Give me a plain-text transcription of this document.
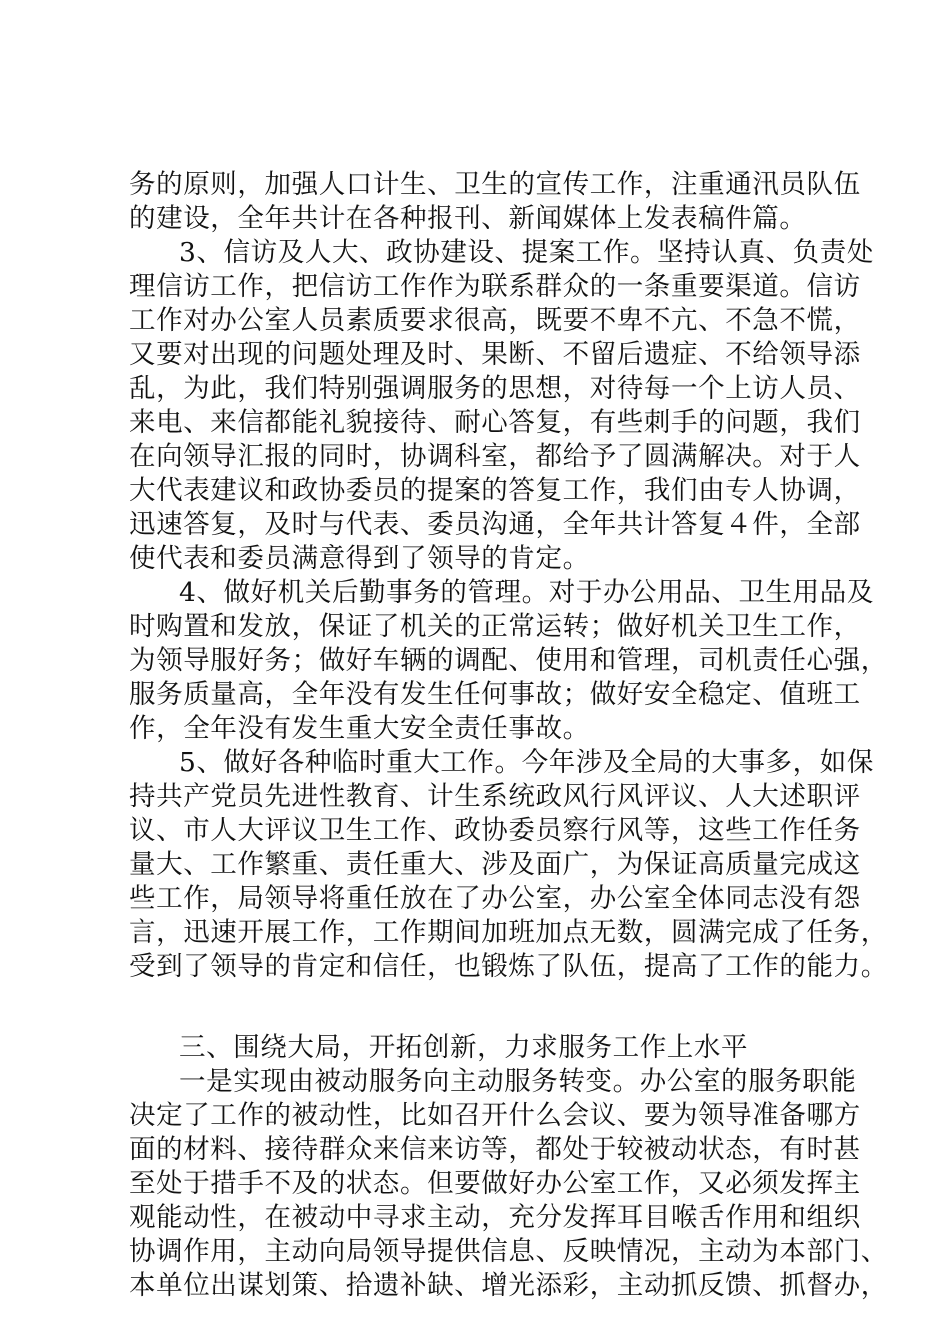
务的原则，加强人口计生、卫生的宣传工作，注重通汛员队伍
的建设，全年共计在各种报刊、新闻媒体上发表稿件篇。
3、信访及人大、政协建设、提案工作。坚持认真、负责处
理信访工作，把信访工作作为联系群众的一条重要渠道。信访
工作对办公室人员素质要求很高，既要不卑不亢、不急不慌，
又要对出现的问题处理及时、果断、不留后遗症、不给领导添
乱，为此，我们特别强调服务的思想，对待每一个上访人员、
来电、来信都能礼貌接待、耐心答复，有些刺手的问题，我们
在向领导汇报的同时，协调科室，都给予了圆满解决。对于人
大代表建议和政协委员的提案的答复工作，我们由专人协调，
迅速答复，及时与代表、委员沟通，全年共计答复４件，全部
使代表和委员满意得到了领导的肯定。
4、做好机关后勤事务的管理。对于办公用品、卫生用品及
时购置和发放，保证了机关的正常运转；做好机关卫生工作，
为领导服好务；做好车辆的调配、使用和管理，司机责任心强，
服务质量高，全年没有发生任何事故；做好安全稳定、值班工
作，全年没有发生重大安全责任事故。
5、做好各种临时重大工作。今年涉及全局的大事多，如保
持共产党员先进性教育、计生系统政风行风评议、人大述职评
议、市人大评议卫生工作、政协委员察行风等，这些工作任务
量大、工作繁重、责任重大、涉及面广，为保证高质量完成这
些工作，局领导将重任放在了办公室，办公室全体同志没有怨
言，迅速开展工作，工作期间加班加点无数，圆满完成了任务，
受到了领导的肯定和信任，也锻炼了队伍，提高了工作的能力。
三、围绕大局，开拓创新，力求服务工作上水平
一是实现由被动服务向主动服务转变。办公室的服务职能
决定了工作的被动性，比如召开什么会议、要为领导准备哪方
面的材料、接待群众来信来访等，都处于较被动状态，有时甚
至处于措手不及的状态。但要做好办公室工作，又必须发挥主
观能动性，在被动中寻求主动，充分发挥耳目喉舌作用和组织
协调作用，主动向局领导提供信息、反映情况，主动为本部门、
本单位出谋划策、拾遗补缺、增光添彩，主动抓反馈、抓督办，
